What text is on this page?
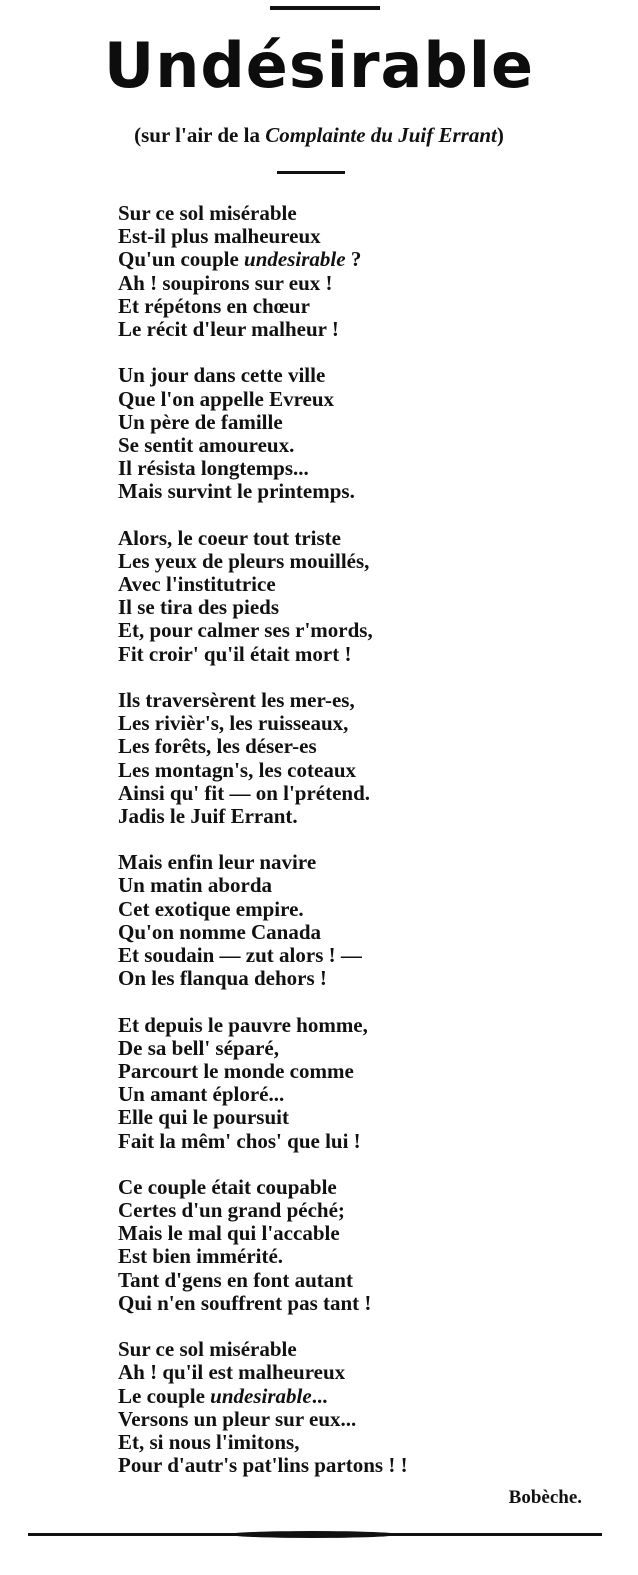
Undésirable
(sur l'air de la Complainte du Juif Errant)
Sur ce sol misérable
Est-il plus malheureux
Qu'un couple undesirable ?
Ah ! soupirons sur eux !
Et répétons en chœur
Le récit d'leur malheur !
Un jour dans cette ville
Que l'on appelle Evreux
Un père de famille
Se sentit amoureux.
Il résista longtemps...
Mais survint le printemps.
Alors, le coeur tout triste
Les yeux de pleurs mouillés,
Avec l'institutrice
Il se tira des pieds
Et, pour calmer ses r'mords,
Fit croir' qu'il était mort !
Ils traversèrent les mer-es,
Les rivièr's, les ruisseaux,
Les forêts, les déser-es
Les montagn's, les coteaux
Ainsi qu' fit — on l'prétend.
Jadis le Juif Errant.
Mais enfin leur navire
Un matin aborda
Cet exotique empire.
Qu'on nomme Canada
Et soudain — zut alors ! —
On les flanqua dehors !
Et depuis le pauvre homme,
De sa bell' séparé,
Parcourt le monde comme
Un amant éploré...
Elle qui le poursuit
Fait la mêm' chos' que lui !
Ce couple était coupable
Certes d'un grand péché;
Mais le mal qui l'accable
Est bien immérité.
Tant d'gens en font autant
Qui n'en souffrent pas tant !
Sur ce sol misérable
Ah ! qu'il est malheureux
Le couple undesirable...
Versons un pleur sur eux...
Et, si nous l'imitons,
Pour d'autr's pat'lins partons ! !
Bobèche.
